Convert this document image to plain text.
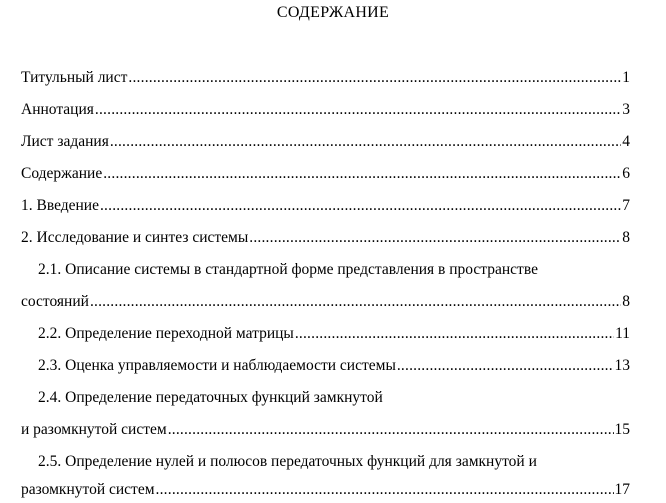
СОДЕРЖАНИЕ
Титульный лист .....	1
Аннотация .....	3
Лист задания .....	4
Содержание .....	6
1. Введение .....	7
2. Исследование и синтез системы .....	8
2.1. Описание системы в стандартной форме представления в пространстве
состояний .....	8
2.2. Определение переходной матрицы .....	11
2.3. Оценка управляемости и наблюдаемости системы .....	13
2.4. Определение передаточных функций замкнутой
и разомкнутой систем .....	15
2.5. Определение нулей и полюсов передаточных функций для замкнутой и
разомкнутой систем .....	17
